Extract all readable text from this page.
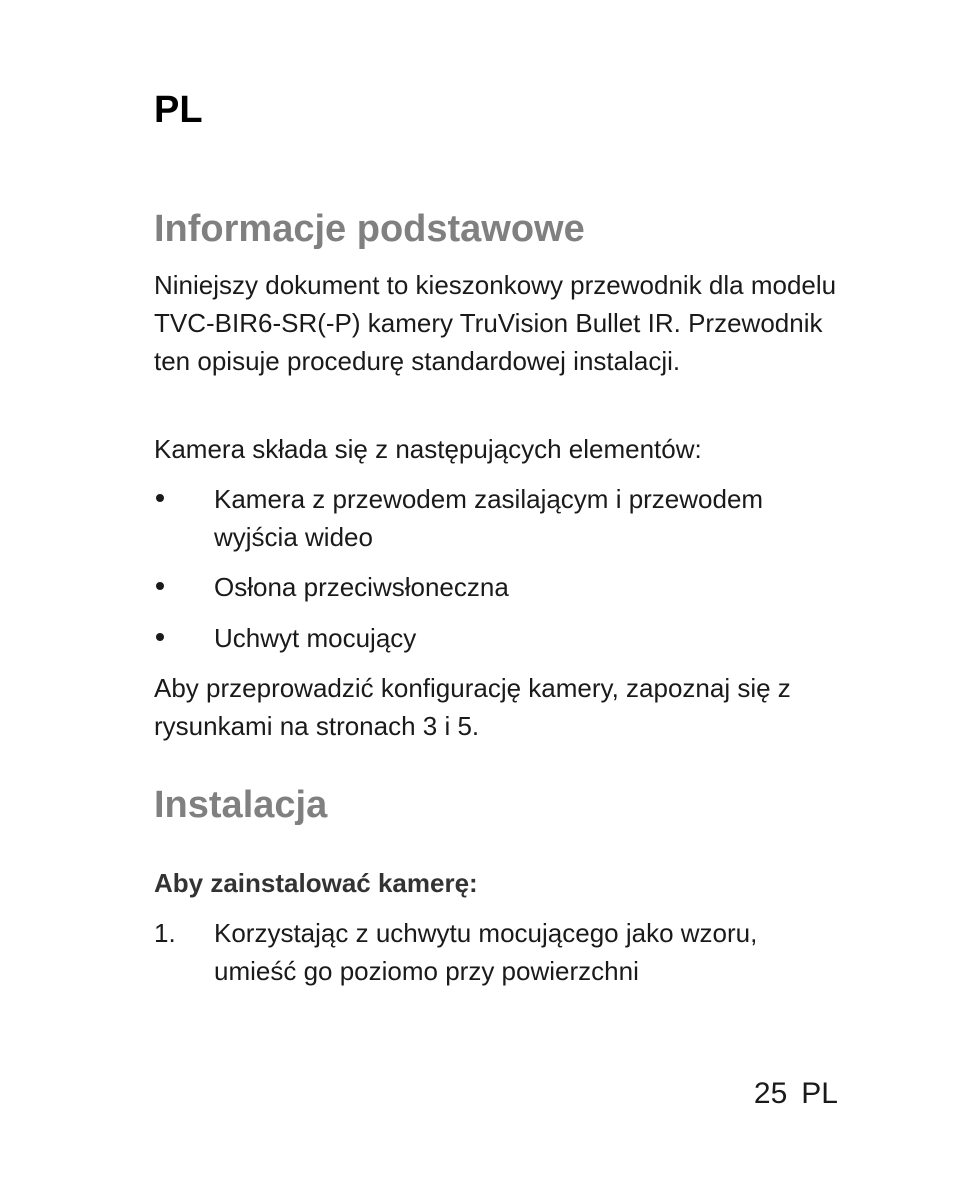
PL
Informacje podstawowe

Niniejszy dokument to kieszonkowy przewodnik dla modelu TVC-BIR6-SR(-P) kamery TruVision Bullet IR. Przewodnik ten opisuje procedurę standardowej instalacji.

Kamera składa się z następujących elementów:

Kamera z przewodem zasilającym i przewodem wyjścia wideo
Osłona przeciwsłoneczna
Uchwyt mocujący

Aby przeprowadzić konfigurację kamery, zapoznaj się z rysunkami na stronach 3 i 5.

Instalacja
Aby zainstalować kamerę:
1.	Korzystając z uchwytu mocującego jako wzoru, umieść go poziomo przy powierzchni
25 PL
